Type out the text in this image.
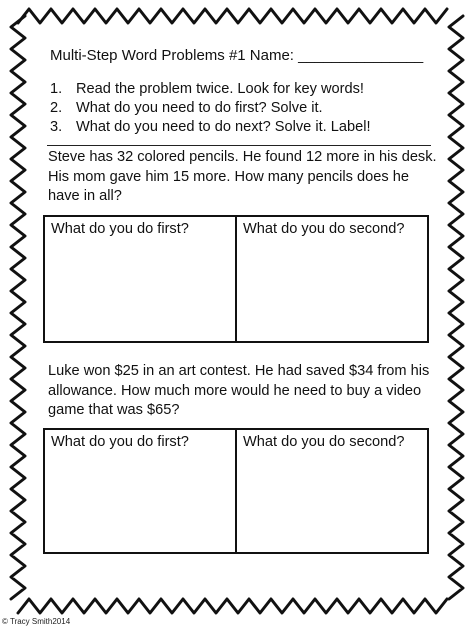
Multi-Step Word Problems #1 Name: _______________
1. Read the problem twice. Look for key words!
2. What do you need to do first? Solve it.
3. What do you need to do next? Solve it. Label!
Steve has 32 colored pencils. He found 12 more in his desk. His mom gave him 15 more. How many pencils does he have in all?
What do you do first?	What do you do second?
Luke won $25 in an art contest. He had saved $34 from his allowance. How much more would he need to buy a video game that was $65?
What do you do first?	What do you do second?
© Tracy Smith2014
